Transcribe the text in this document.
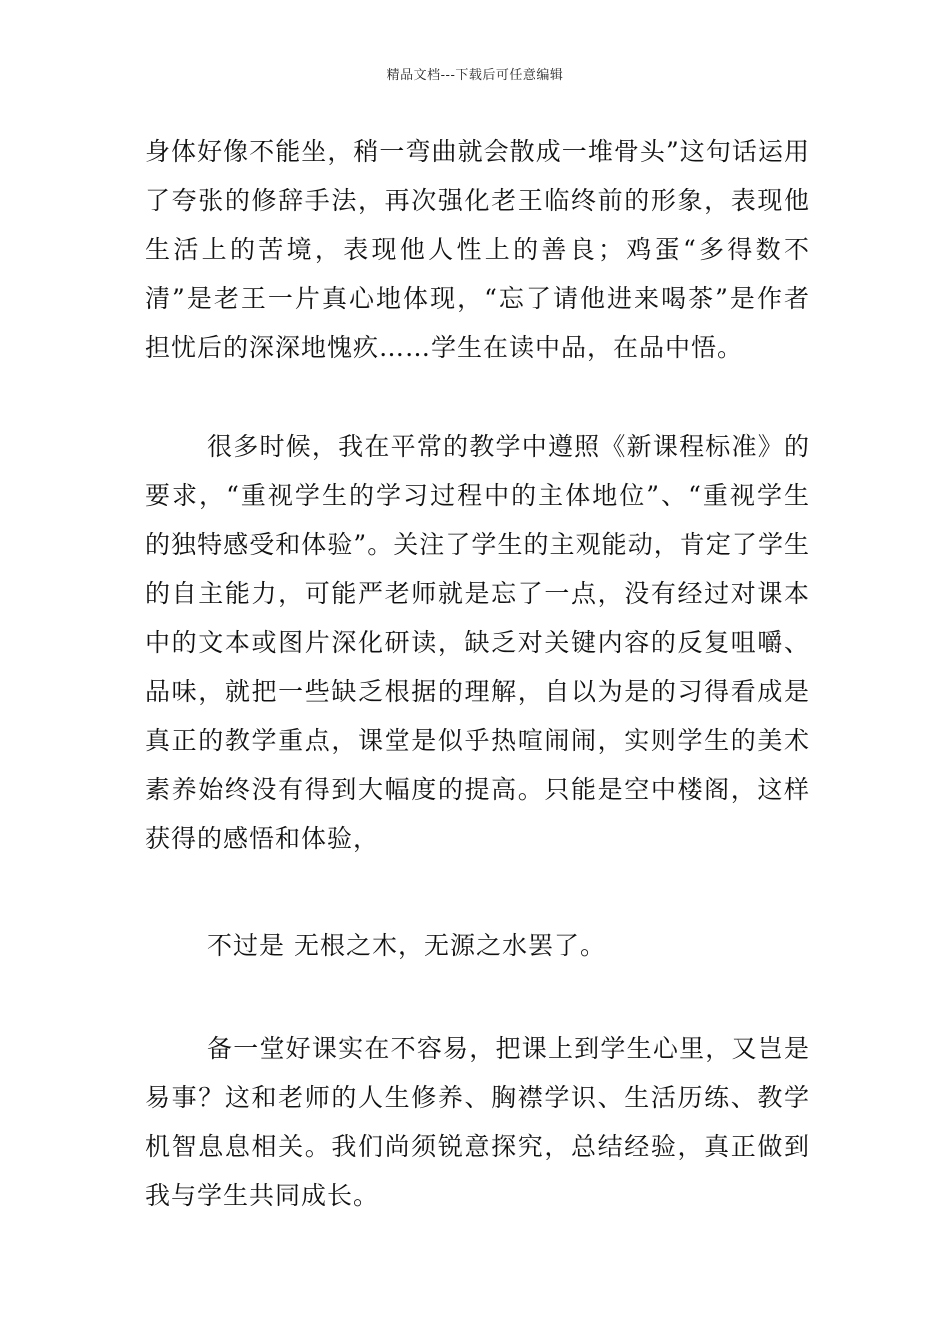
精品文档---下载后可任意编辑

身体好像不能坐，稍一弯曲就会散成一堆骨头”这句话运用了夸张的修辞手法，再次强化老王临终前的形象，表现他生活上的苦境，表现他人性上的善良；鸡蛋“多得数不清”是老王一片真心地体现，“忘了请他进来喝茶”是作者担忧后的深深地愧疚……学生在读中品，在品中悟。

很多时候，我在平常的教学中遵照《新课程标准》的要求，“重视学生的学习过程中的主体地位”、“重视学生的独特感受和体验”。关注了学生的主观能动，肯定了学生的自主能力，可能严老师就是忘了一点，没有经过对课本中的文本或图片深化研读，缺乏对关键内容的反复咀嚼、品味，就把一些缺乏根据的理解，自以为是的习得看成是真正的教学重点，课堂是似乎热喧闹闹，实则学生的美术素养始终没有得到大幅度的提高。只能是空中楼阁，这样获得的感悟和体验，

不过是 无根之木，无源之水罢了。

备一堂好课实在不容易，把课上到学生心里，又岂是易事？这和老师的人生修养、胸襟学识、生活历练、教学机智息息相关。我们尚须锐意探究，总结经验，真正做到我与学生共同成长。
